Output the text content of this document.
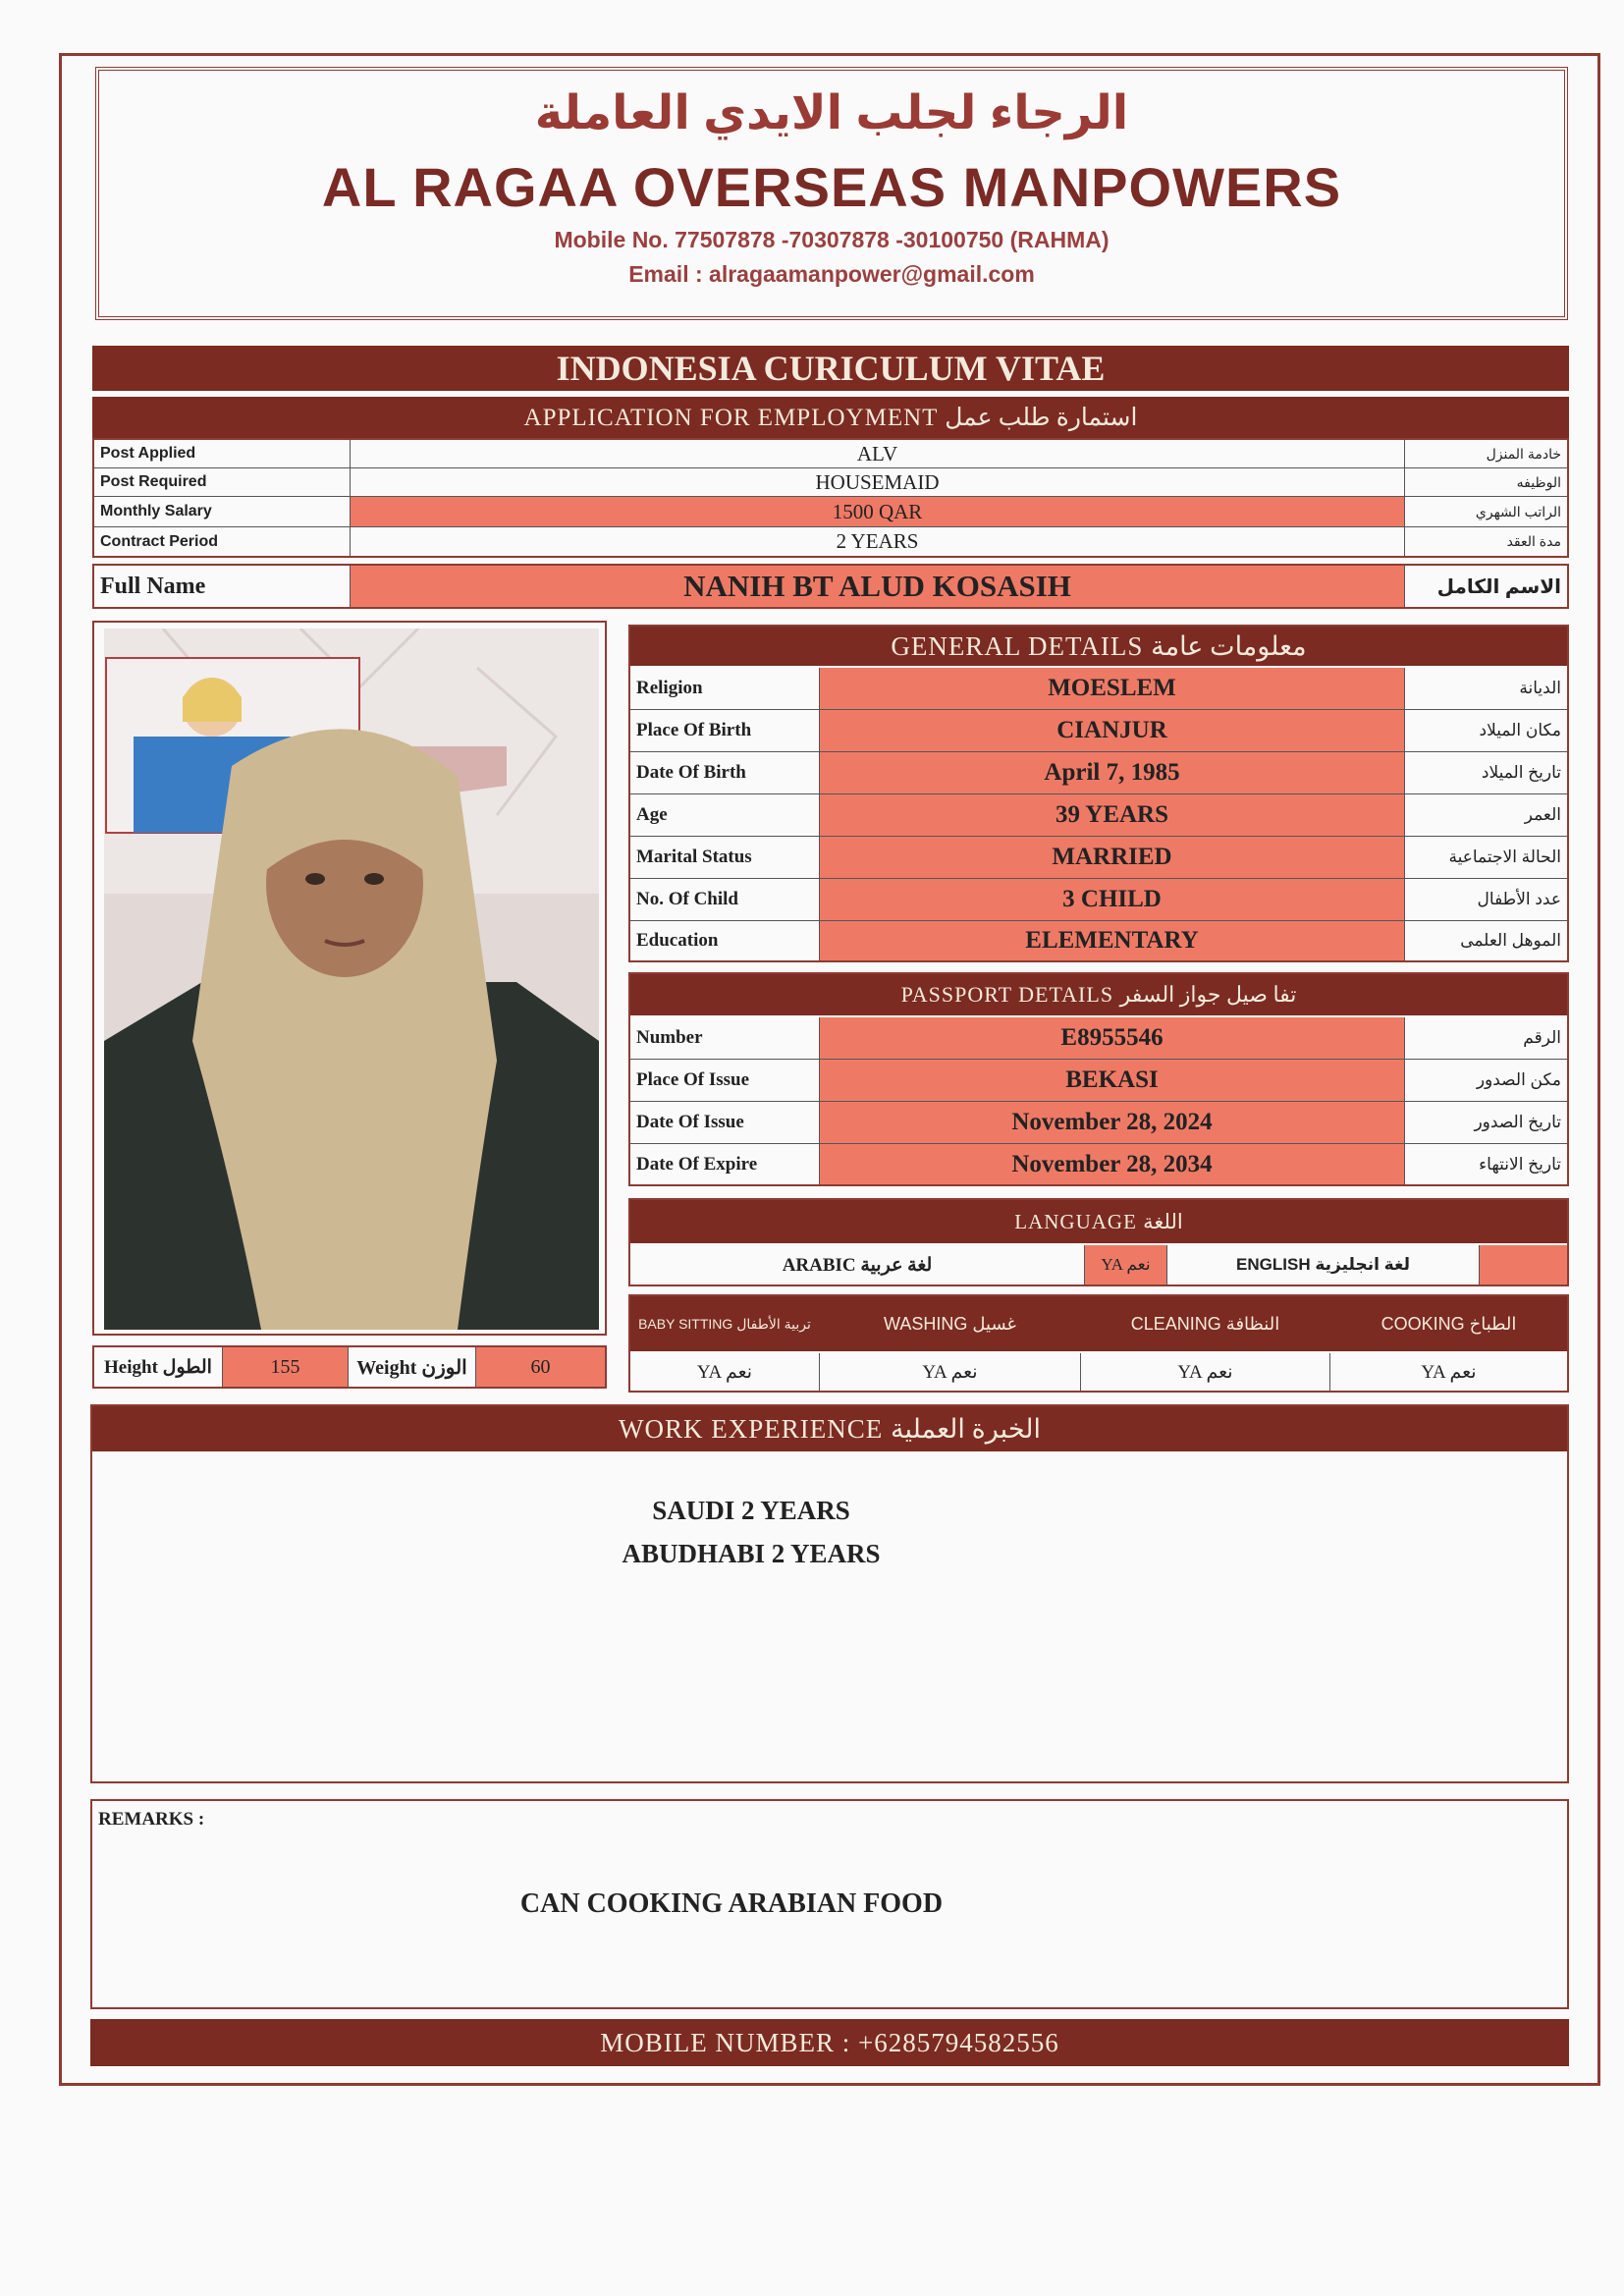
الرجاء لجلب الايدي العاملة
AL RAGAA OVERSEAS MANPOWERS
Mobile No. 77507878 -70307878 -30100750 (RAHMA)
Email : alragaamanpower@gmail.com
INDONESIA CURICULUM VITAE
APPLICATION FOR EMPLOYMENT استمارة طلب عمل
Post Applied	ALV	خادمة المنزل
Post Required	HOUSEMAID	الوظيفه
Monthly Salary	1500 QAR	الراتب الشهري
Contract Period	2 YEARS	مدة العقد
Full Name	NANIH BT ALUD KOSASIH	الاسم الكامل
Height الطول	155	Weight الوزن	60
GENERAL DETAILS معلومات عامة
Religion	MOESLEM	الديانة
Place Of Birth	CIANJUR	مكان الميلاد
Date Of Birth	April 7, 1985	تاريخ الميلاد
Age	39 YEARS	العمر
Marital Status	MARRIED	الحالة الاجتماعية
No. Of Child	3 CHILD	عدد الأطفال
Education	ELEMENTARY	الموهل العلمى
PASSPORT DETAILS تفا صيل جواز السفر
Number	E8955546	الرقم
Place Of Issue	BEKASI	مكن الصدور
Date Of Issue	November 28, 2024	تاريخ الصدور
Date Of Expire	November 28, 2034	تاريخ الانتهاء
LANGUAGE اللغة
ARABIC لغة عربية	YA نعم	ENGLISH لغة انجليزية
BABY SITTING تربية الأطفال	WASHING غسيل	CLEANING النظافة	COOKING الطباخ
YA نعم	YA نعم	YA نعم	YA نعم
WORK EXPERIENCE الخبرة العملية
SAUDI 2 YEARS
ABUDHABI 2 YEARS
REMARKS :
CAN COOKING ARABIAN FOOD
MOBILE NUMBER : +6285794582556
